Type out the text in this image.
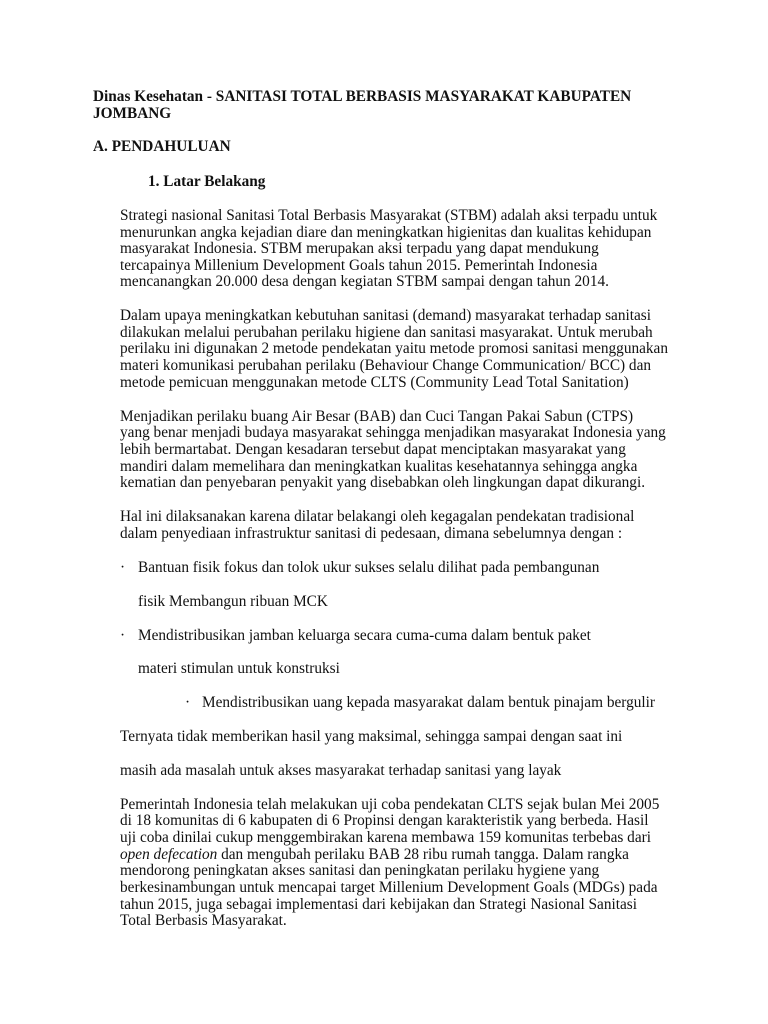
Dinas Kesehatan - SANITASI TOTAL BERBASIS MASYARAKAT KABUPATEN
JOMBANG
A. PENDAHULUAN
1. Latar Belakang
Strategi nasional Sanitasi Total Berbasis Masyarakat (STBM) adalah aksi terpadu untuk
menurunkan angka kejadian diare dan meningkatkan higienitas dan kualitas kehidupan
masyarakat Indonesia. STBM merupakan aksi terpadu yang dapat mendukung
tercapainya Millenium Development Goals tahun 2015. Pemerintah Indonesia
mencanangkan 20.000 desa dengan kegiatan STBM sampai dengan tahun 2014.
Dalam upaya meningkatkan kebutuhan sanitasi (demand) masyarakat terhadap sanitasi
dilakukan melalui perubahan perilaku higiene dan sanitasi masyarakat. Untuk merubah
perilaku ini digunakan 2 metode pendekatan yaitu metode promosi sanitasi menggunakan
materi komunikasi perubahan perilaku (Behaviour Change Communication/ BCC) dan
metode pemicuan menggunakan metode CLTS (Community Lead Total Sanitation)
Menjadikan perilaku buang Air Besar (BAB) dan Cuci Tangan Pakai Sabun (CTPS)
yang benar menjadi budaya masyarakat sehingga menjadikan masyarakat Indonesia yang
lebih bermartabat. Dengan kesadaran tersebut dapat menciptakan masyarakat yang
mandiri dalam memelihara dan meningkatkan kualitas kesehatannya sehingga angka
kematian dan penyebaran penyakit yang disebabkan oleh lingkungan dapat dikurangi.
Hal ini dilaksanakan karena dilatar belakangi oleh kegagalan pendekatan tradisional
dalam penyediaan infrastruktur sanitasi di pedesaan, dimana sebelumnya dengan :
· Bantuan fisik fokus dan tolok ukur sukses selalu dilihat pada pembangunan
fisik Membangun ribuan MCK
· Mendistribusikan jamban keluarga secara cuma-cuma dalam bentuk paket
materi stimulan untuk konstruksi
· Mendistribusikan uang kepada masyarakat dalam bentuk pinajam bergulir
Ternyata tidak memberikan hasil yang maksimal, sehingga sampai dengan saat ini
masih ada masalah untuk akses masyarakat terhadap sanitasi yang layak
Pemerintah Indonesia telah melakukan uji coba pendekatan CLTS sejak bulan Mei 2005
di 18 komunitas di 6 kabupaten di 6 Propinsi dengan karakteristik yang berbeda. Hasil
uji coba dinilai cukup menggembirakan karena membawa 159 komunitas terbebas dari
open defecation dan mengubah perilaku BAB 28 ribu rumah tangga. Dalam rangka
mendorong peningkatan akses sanitasi dan peningkatan perilaku hygiene yang
berkesinambungan untuk mencapai target Millenium Development Goals (MDGs) pada
tahun 2015, juga sebagai implementasi dari kebijakan dan Strategi Nasional Sanitasi
Total Berbasis Masyarakat.
